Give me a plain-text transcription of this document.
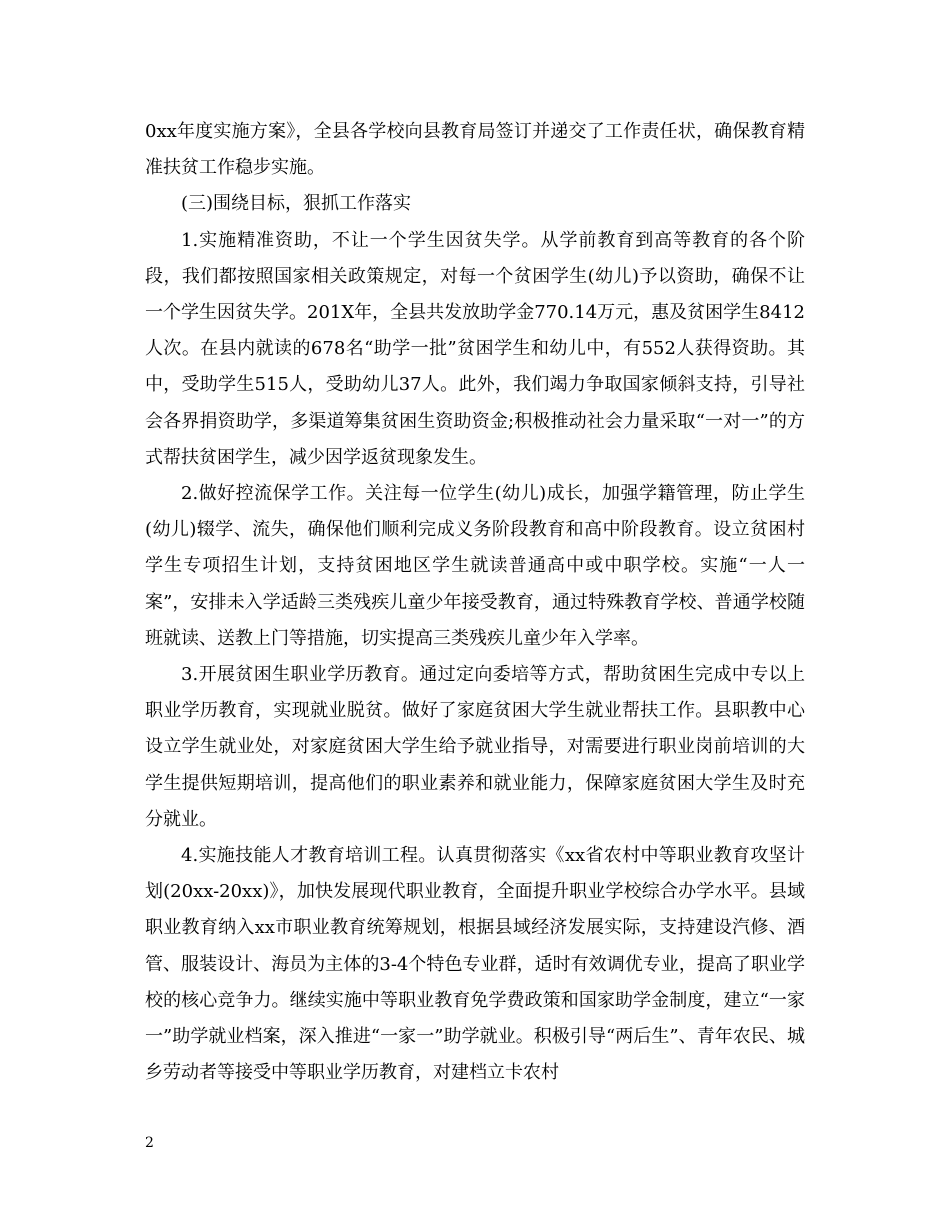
0xx年度实施方案》，全县各学校向县教育局签订并递交了工作责任状，确保教育精准扶贫工作稳步实施。

(三)围绕目标，狠抓工作落实

1.实施精准资助，不让一个学生因贫失学。从学前教育到高等教育的各个阶段，我们都按照国家相关政策规定，对每一个贫困学生(幼儿)予以资助，确保不让一个学生因贫失学。201X年，全县共发放助学金770.14万元，惠及贫困学生8412人次。在县内就读的678名“助学一批”贫困学生和幼儿中，有552人获得资助。其中，受助学生515人，受助幼儿37人。此外，我们竭力争取国家倾斜支持，引导社会各界捐资助学，多渠道筹集贫困生资助资金;积极推动社会力量采取“一对一”的方式帮扶贫困学生，减少因学返贫现象发生。

2.做好控流保学工作。关注每一位学生(幼儿)成长，加强学籍管理，防止学生(幼儿)辍学、流失，确保他们顺利完成义务阶段教育和高中阶段教育。设立贫困村学生专项招生计划，支持贫困地区学生就读普通高中或中职学校。实施“一人一案”，安排未入学适龄三类残疾儿童少年接受教育，通过特殊教育学校、普通学校随班就读、送教上门等措施，切实提高三类残疾儿童少年入学率。

3.开展贫困生职业学历教育。通过定向委培等方式，帮助贫困生完成中专以上职业学历教育，实现就业脱贫。做好了家庭贫困大学生就业帮扶工作。县职教中心设立学生就业处，对家庭贫困大学生给予就业指导，对需要进行职业岗前培训的大学生提供短期培训，提高他们的职业素养和就业能力，保障家庭贫困大学生及时充分就业。

4.实施技能人才教育培训工程。认真贯彻落实《xx省农村中等职业教育攻坚计划(20xx-20xx)》，加快发展现代职业教育，全面提升职业学校综合办学水平。县域职业教育纳入xx市职业教育统筹规划，根据县域经济发展实际，支持建设汽修、酒管、服装设计、海员为主体的3-4个特色专业群，适时有效调优专业，提高了职业学校的核心竞争力。继续实施中等职业教育免学费政策和国家助学金制度，建立“一家一”助学就业档案，深入推进“一家一”助学就业。积极引导“两后生”、青年农民、城乡劳动者等接受中等职业学历教育，对建档立卡农村

2
